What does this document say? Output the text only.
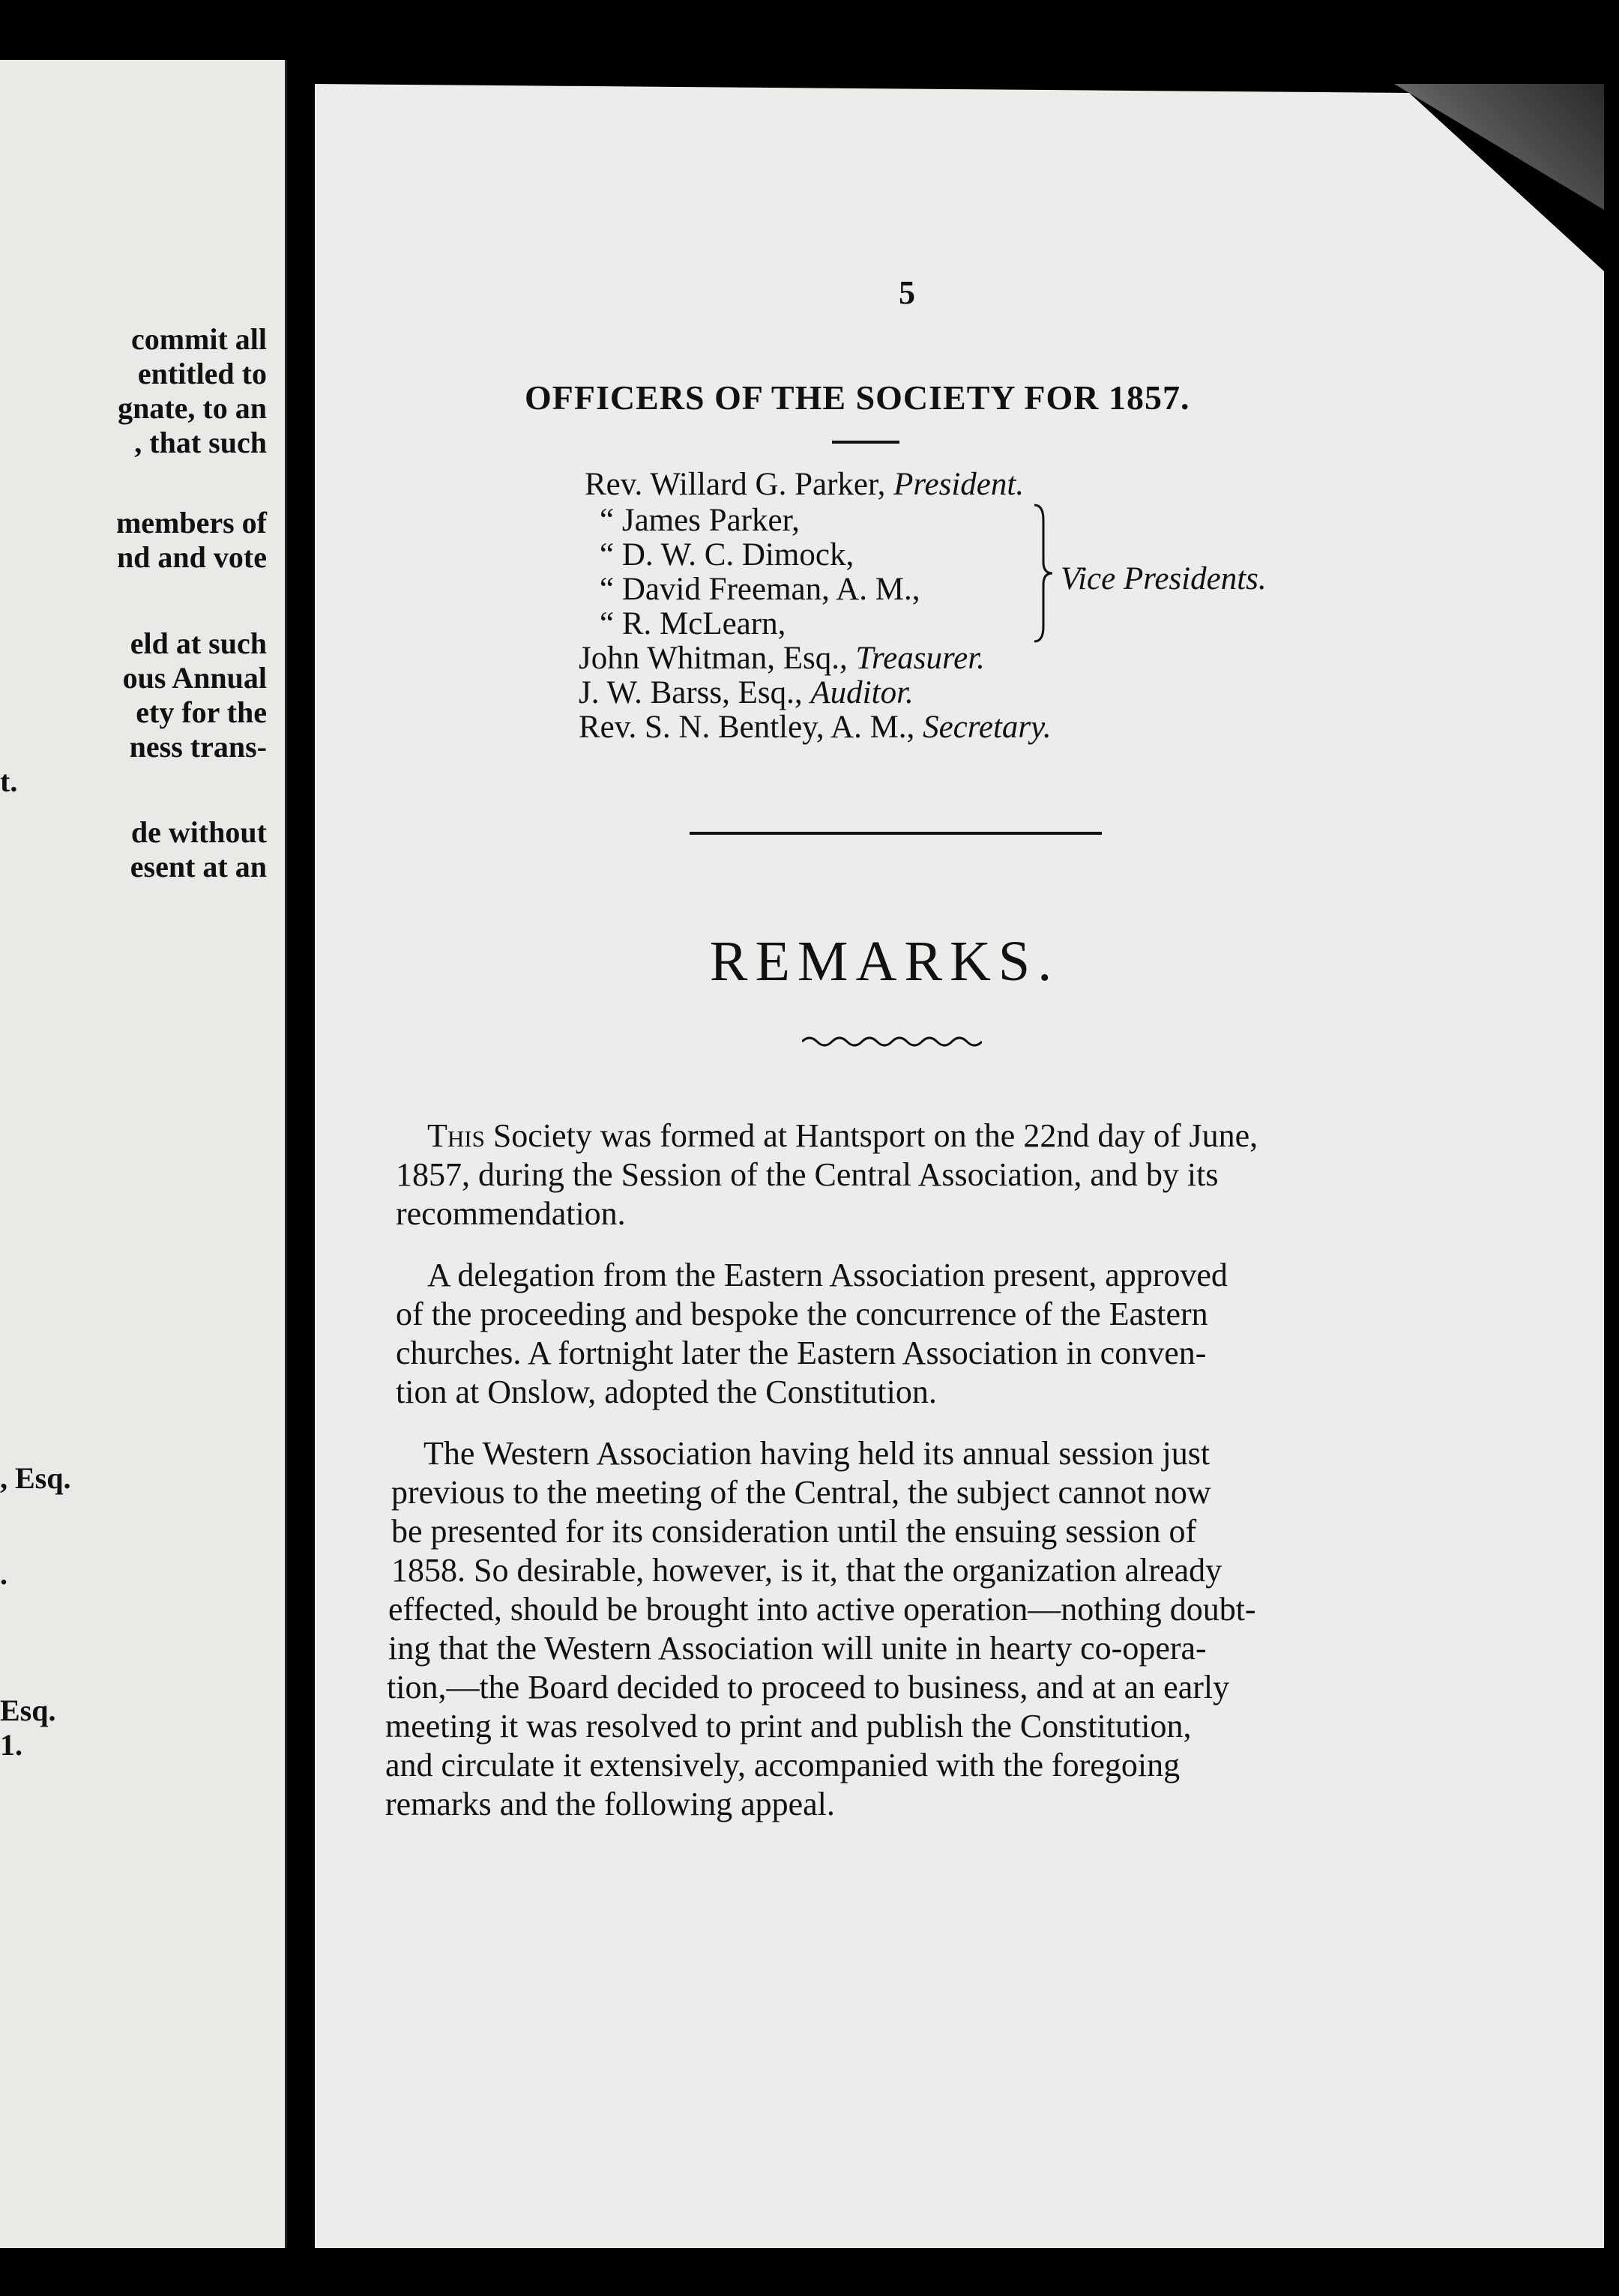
commit all
entitled to
gnate, to an
, that such
members of
nd and vote
eld at such
ous Annual
ety for the
ness trans-
t.
de without
esent at an
, Esq.
.
Esq.
1.
5
OFFICERS OF THE SOCIETY FOR 1857.
Rev. Willard G. Parker, President.
“ James Parker,
“ D. W. C. Dimock,
“ David Freeman, A. M.,
“ R. McLearn,
Vice Presidents.
John Whitman, Esq., Treasurer.
J. W. Barss, Esq., Auditor.
Rev. S. N. Bentley, A. M., Secretary.
REMARKS.
This Society was formed at Hantsport on the 22nd day of June,
1857, during the Session of the Central Association, and by its
recommendation.
A delegation from the Eastern Association present, approved
of the proceeding and bespoke the concurrence of the Eastern
churches. A fortnight later the Eastern Association in conven-
tion at Onslow, adopted the Constitution.
The Western Association having held its annual session just
previous to the meeting of the Central, the subject cannot now
be presented for its consideration until the ensuing session of
1858. So desirable, however, is it, that the organization already
effected, should be brought into active operation—nothing doubt-
ing that the Western Association will unite in hearty co-opera-
tion,—the Board decided to proceed to business, and at an early
meeting it was resolved to print and publish the Constitution,
and circulate it extensively, accompanied with the foregoing
remarks and the following appeal.
